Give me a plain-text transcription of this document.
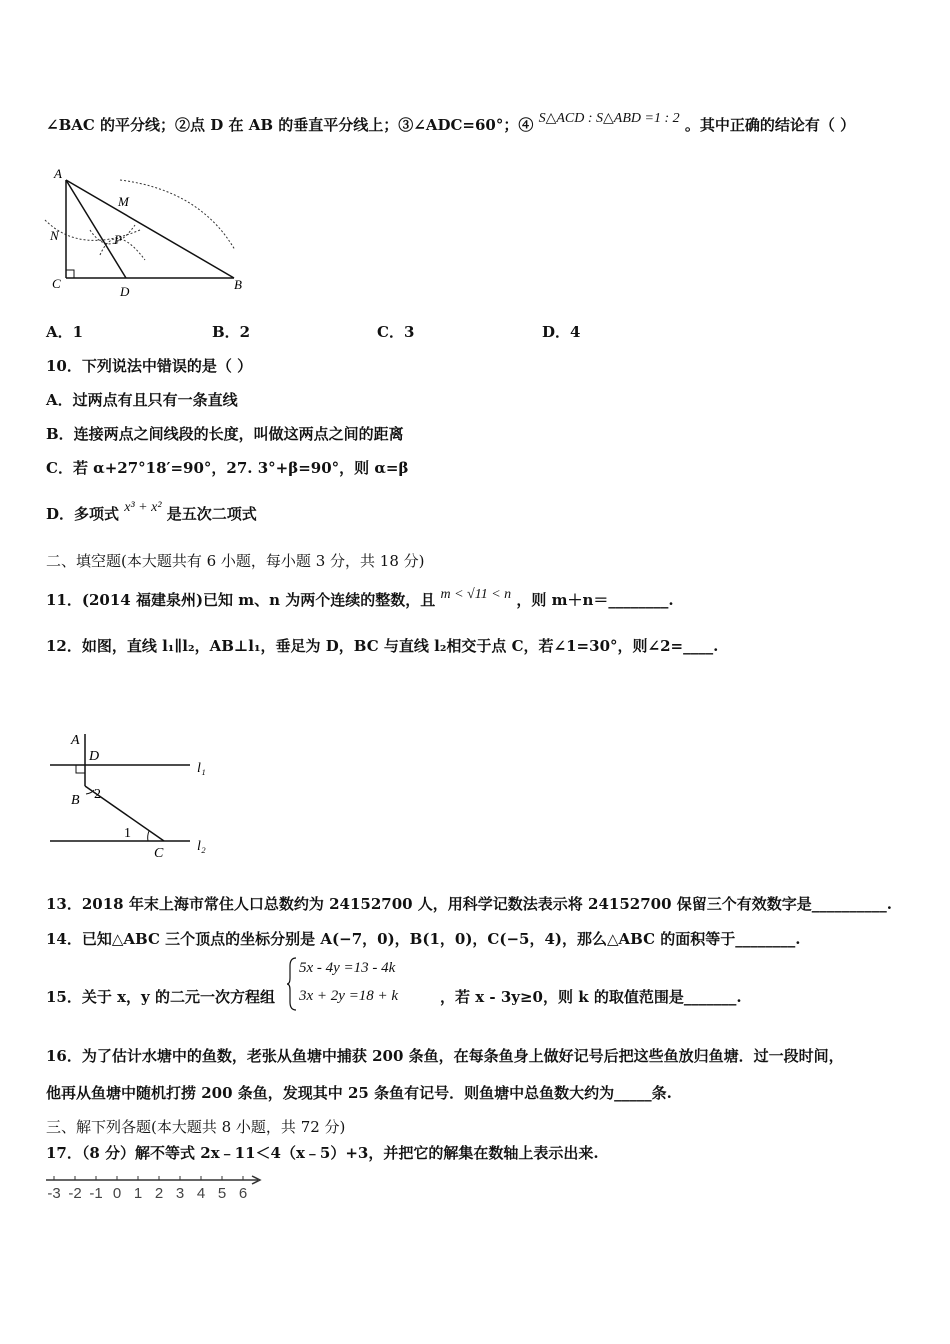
∠BAC 的平分线；②点 D 在 AB 的垂直平分线上；③∠ADC=60°；④ S△ACD : S△ABD =1 : 2 。其中正确的结论有（ ）
A
M
N	P
C
D	B
A．1	B．2	C．3	D．4
10．下列说法中错误的是（ ）
A．过两点有且只有一条直线
B．连接两点之间线段的长度，叫做这两点之间的距离
C．若 α+27°18′=90°，27. 3°+β=90°，则 α=β
D．多项式 x³ + x² 是五次二项式
二、填空题(本大题共有 6 小题，每小题 3 分，共 18 分)
11．(2014 福建泉州)已知 m、n 为两个连续的整数，且 m < √11 < n ，则 m＋n＝________.
12．如图，直线 l₁∥l₂，AB⊥l₁，垂足为 D，BC 与直线 l₂相交于点 C，若∠1=30°，则∠2=____.
A
D
B 2
1
C
l₁
l₂
13．2018 年末上海市常住人口总数约为 24152700 人，用科学记数法表示将 24152700 保留三个有效数字是__________.
14．已知△ABC 三个顶点的坐标分别是 A(−7，0)，B(1，0)，C(−5，4)，那么△ABC 的面积等于________.
15．关于 x，y 的二元一次方程组
5x - 4y =13 - 4k
3x + 2y =18 + k	，若 x - 3y≥0，则 k 的取值范围是_______.
16．为了估计水塘中的鱼数，老张从鱼塘中捕获 200 条鱼，在每条鱼身上做好记号后把这些鱼放归鱼塘．过一段时间，
他再从鱼塘中随机打捞 200 条鱼，发现其中 25 条鱼有记号．则鱼塘中总鱼数大约为_____条.
三、解下列各题(本大题共 8 小题，共 72 分)
17．（8 分）解不等式 2x﹣11＜4（x﹣5）+3，并把它的解集在数轴上表示出来.
-3 -2 -1 0 1 2 3 4 5 6
